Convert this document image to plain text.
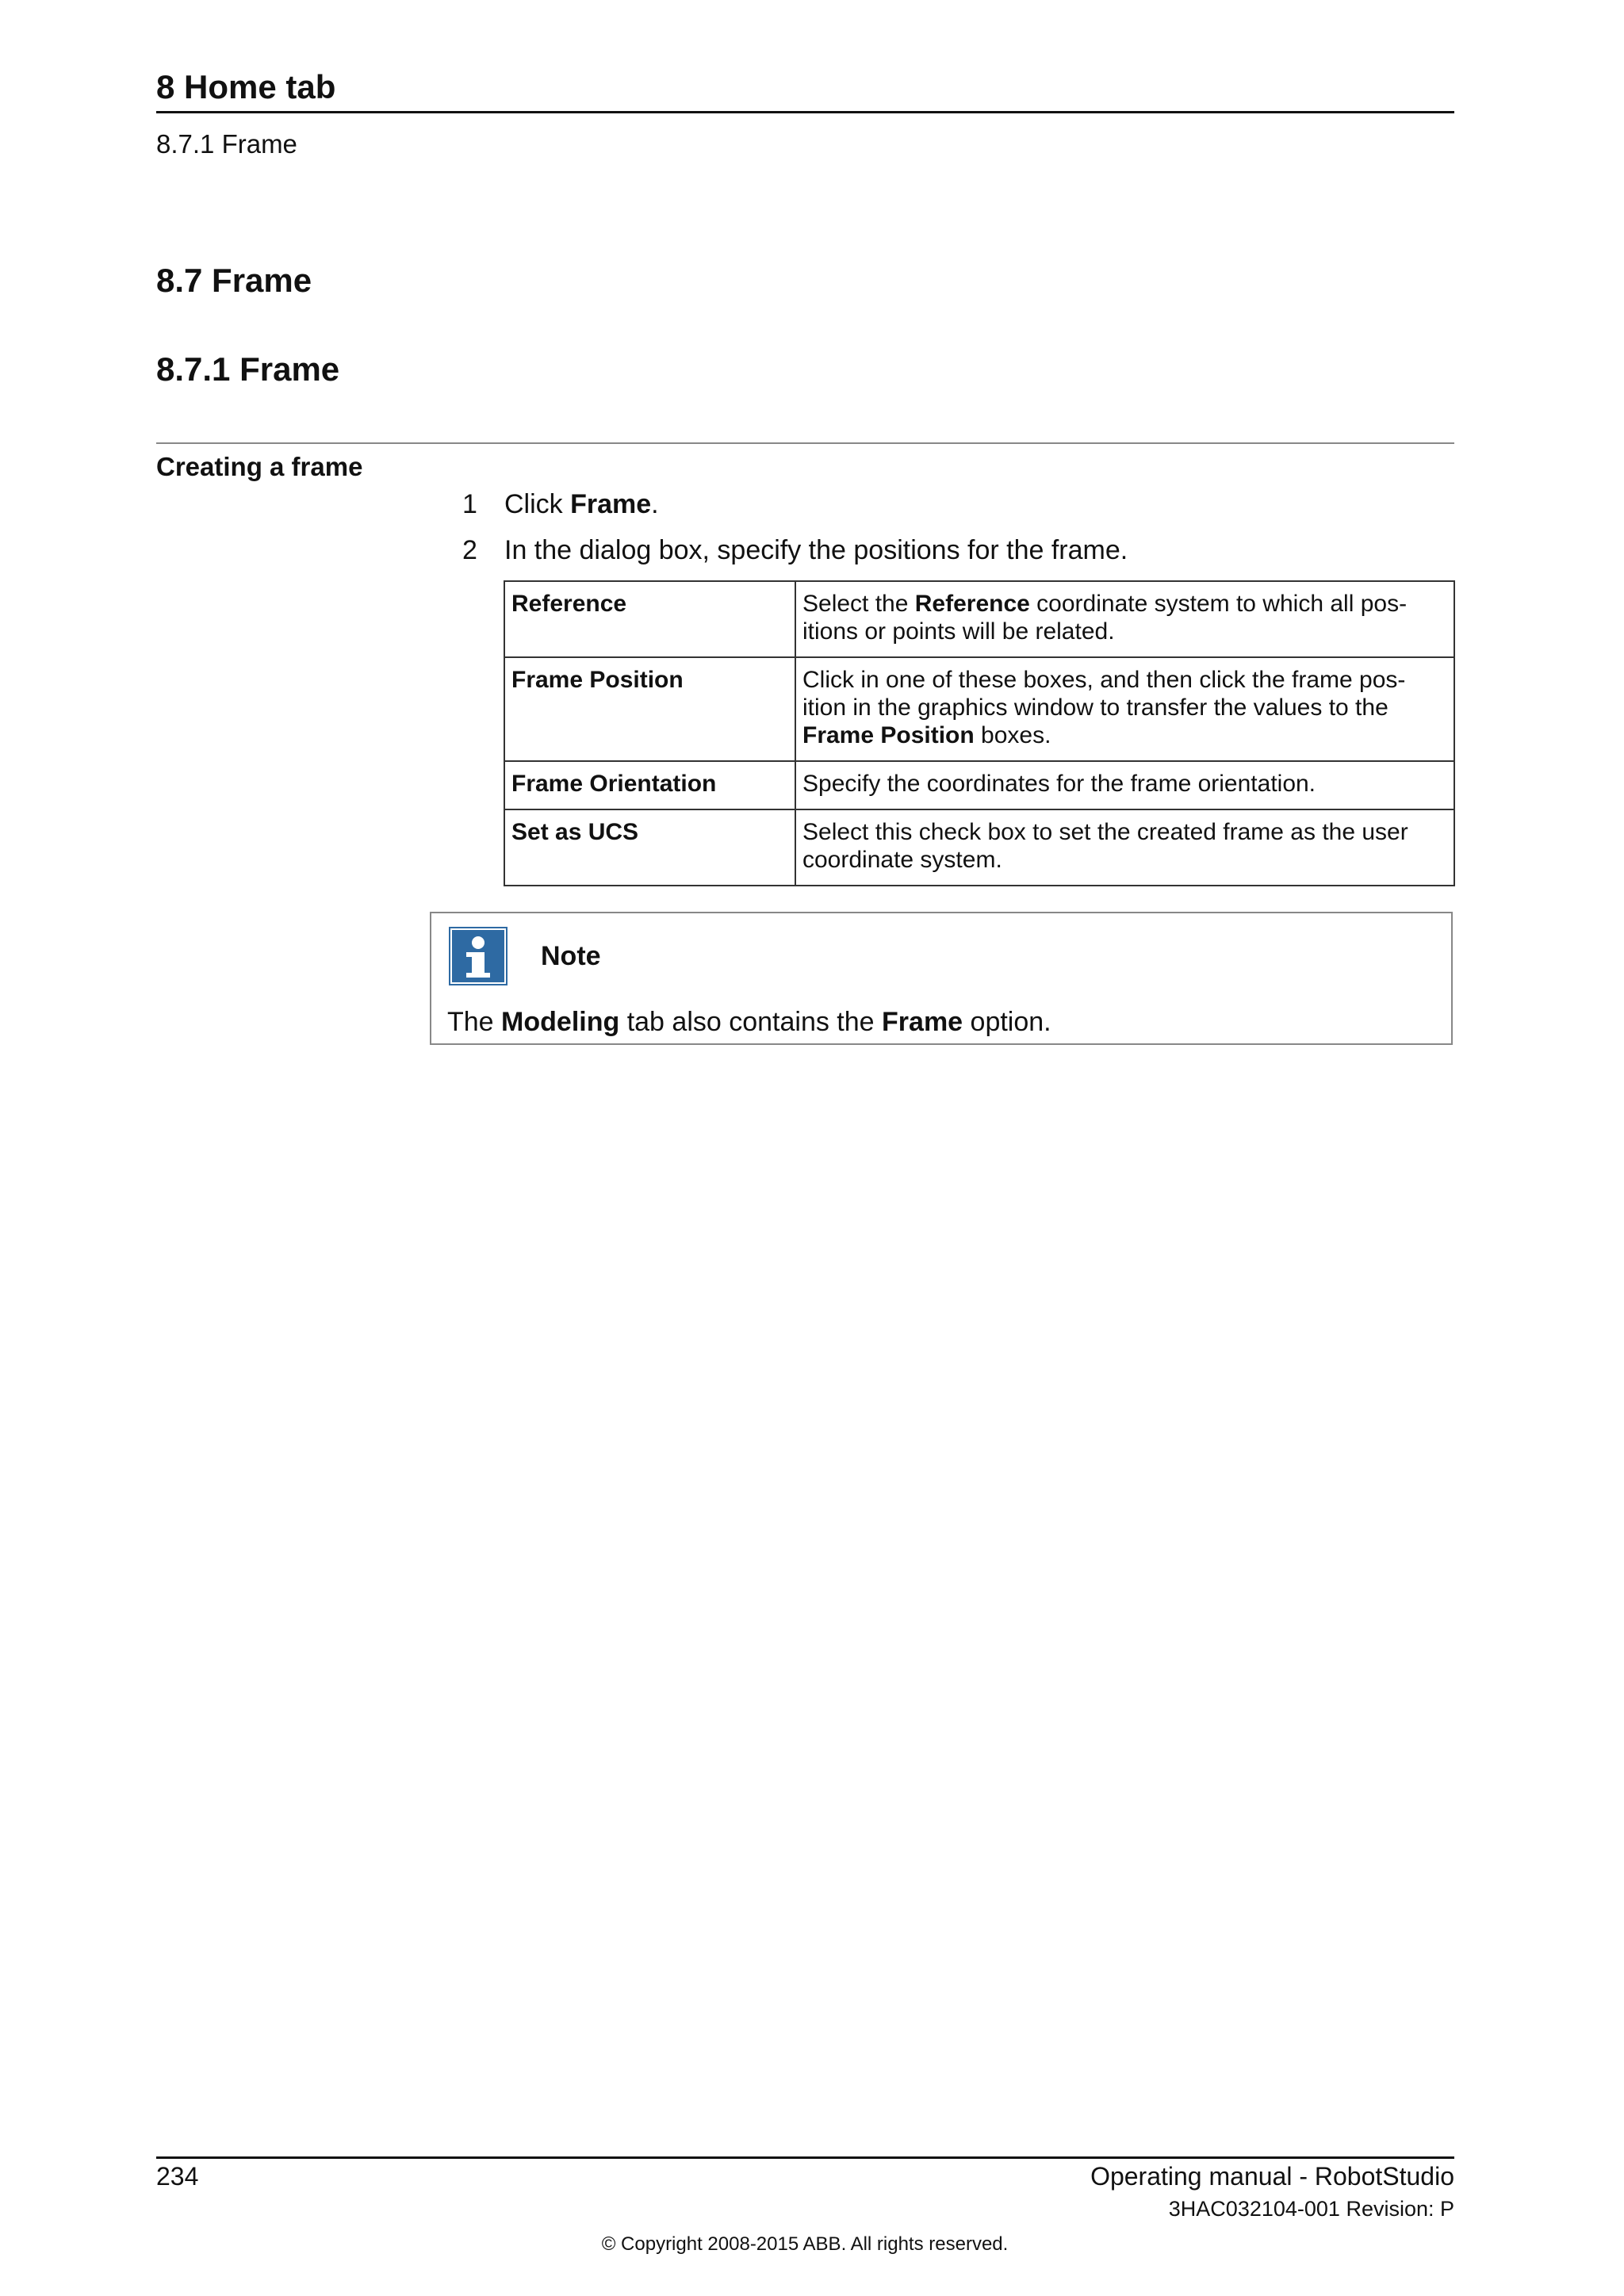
8 Home tab
8.7.1 Frame
8.7 Frame
8.7.1 Frame
Creating a frame
1	Click Frame.
2	In the dialog box, specify the positions for the frame.
Reference	Select the Reference coordinate system to which all pos-itions or points will be related.
Frame Position	Click in one of these boxes, and then click the frame pos-ition in the graphics window to transfer the values to the Frame Position boxes.
Frame Orientation	Specify the coordinates for the frame orientation.
Set as UCS	Select this check box to set the created frame as the user coordinate system.
Note
The Modeling tab also contains the Frame option.
234	Operating manual - RobotStudio
3HAC032104-001 Revision: P
© Copyright 2008-2015 ABB. All rights reserved.
